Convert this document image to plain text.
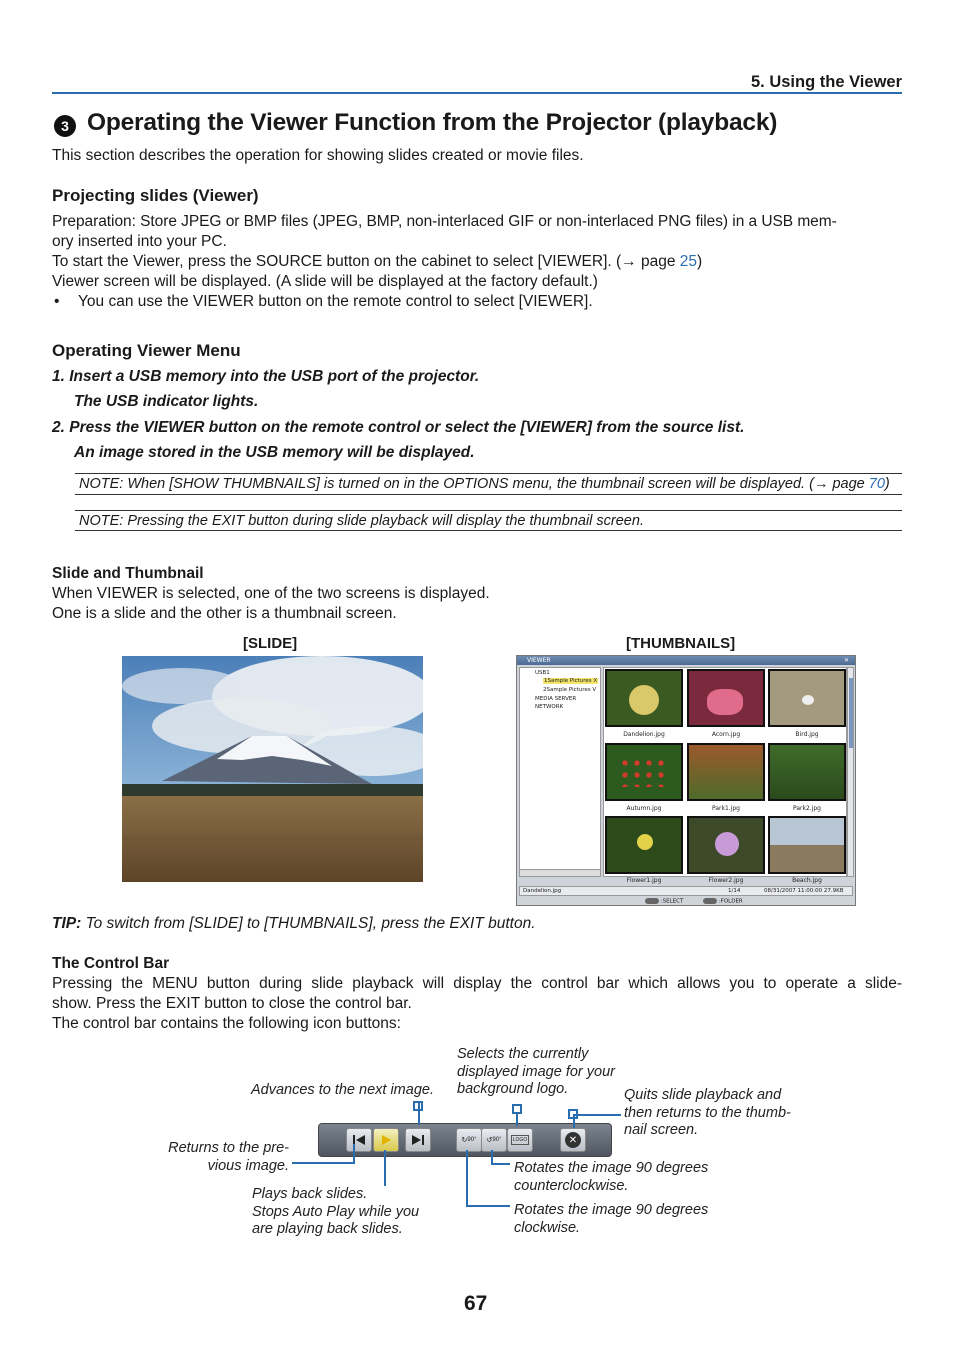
5. Using the Viewer
3 Operating the Viewer Function from the Projector (playback)
This section describes the operation for showing slides created or movie files.
Projecting slides (Viewer)
Preparation: Store JPEG or BMP files (JPEG, BMP, non-interlaced GIF or non-interlaced PNG files) in a USB mem-
ory inserted into your PC.
To start the Viewer, press the SOURCE button on the cabinet to select [VIEWER]. (→ page 25)
Viewer screen will be displayed. (A slide will be displayed at the factory default.)
• You can use the VIEWER button on the remote control to select [VIEWER].
Operating Viewer Menu
1. Insert a USB memory into the USB port of the projector.
The USB indicator lights.
2. Press the VIEWER button on the remote control or select the [VIEWER] from the source list.
An image stored in the USB memory will be displayed.
NOTE: When [SHOW THUMBNAILS] is turned on in the OPTIONS menu, the thumbnail screen will be displayed. (→ page 70)
NOTE: Pressing the EXIT button during slide playback will display the thumbnail screen.
Slide and Thumbnail
When VIEWER is selected, one of the two screens is displayed.
One is a slide and the other is a thumbnail screen.
[SLIDE]	[THUMBNAILS]
VIEWER	✕
USB1
1Sample Pictures X
2Sample Pictures V
MEDIA SERVER
NETWORK
Dandelion.jpg	Acorn.jpg	Bird.jpg
Autumn.jpg	Park1.jpg	Park2.jpg
Flower1.jpg	Flower2.jpg	Beach.jpg
Dandelion.jpg	1/14	08/31/2007 11:00:00 27.9KB
:SELECT	:FOLDER
TIP: To switch from [SLIDE] to [THUMBNAILS], press the EXIT button.
The Control Bar
Pressing the MENU button during slide playback will display the control bar which allows you to operate a slide-
show. Press the EXIT button to close the control bar.
The control bar contains the following icon buttons:
↻ 90° ↺ 90°	LOGO	✕
Advances to the next image.
Selects the currently
displayed image for your
background logo.	Quits slide playback and
then returns to the thumb-
nail screen.
Returns to the pre-
vious image.
Plays back slides.
Stops Auto Play while you
are playing back slides.
Rotates the image 90 degrees
counterclockwise.
Rotates the image 90 degrees
clockwise.
67
